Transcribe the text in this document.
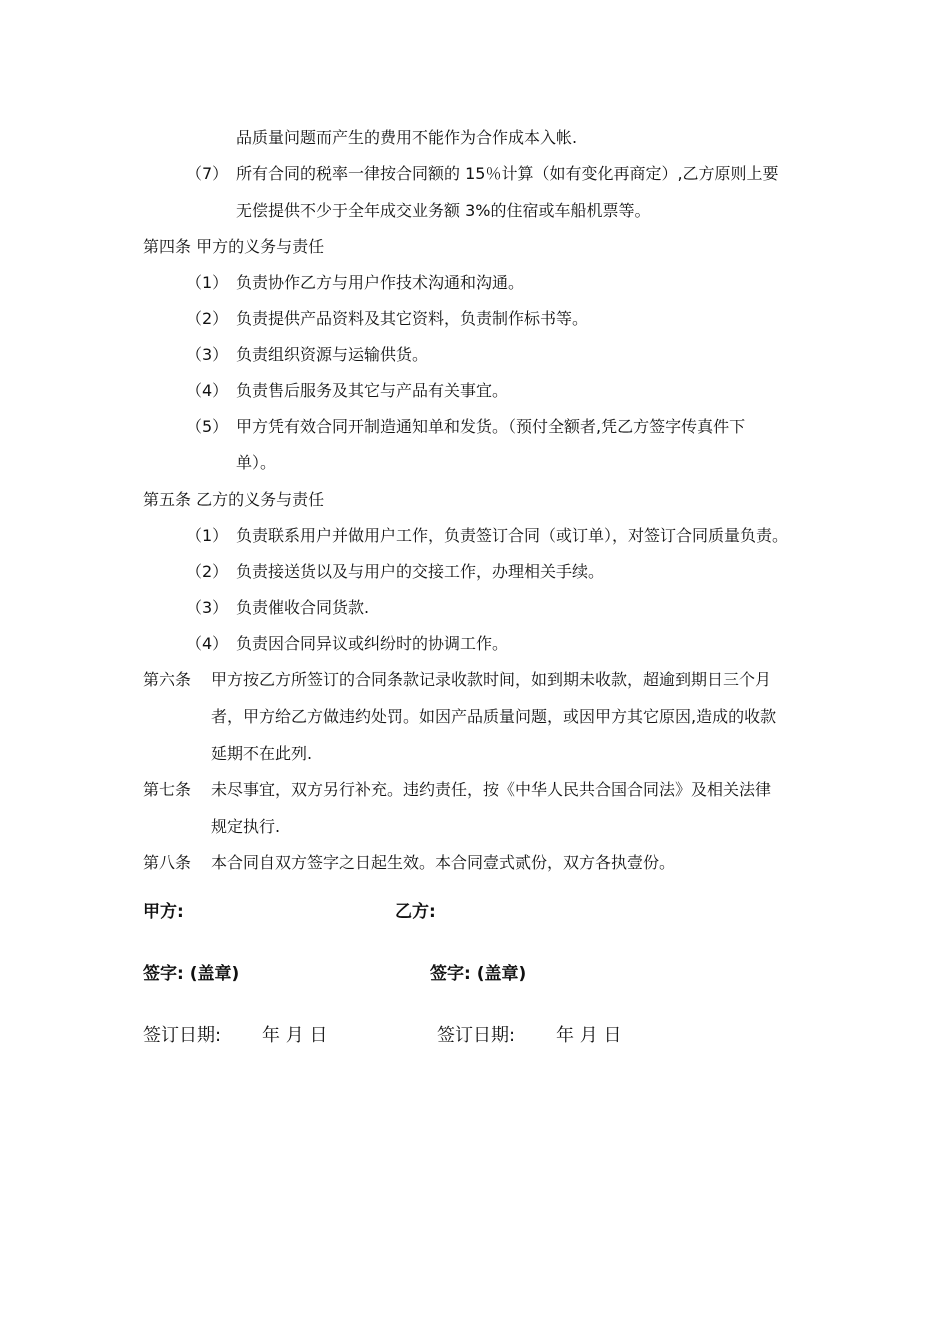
品质量问题而产生的费用不能作为合作成本入帐.
（7） 所有合同的税率一律按合同额的 15％计算（如有变化再商定）,乙方原则上要
无偿提供不少于全年成交业务额 3%的住宿或车船机票等。
第四条 甲方的义务与责任
（1） 负责协作乙方与用户作技术沟通和沟通。
（2） 负责提供产品资料及其它资料，负责制作标书等。
（3） 负责组织资源与运输供货。
（4） 负责售后服务及其它与产品有关事宜。
（5） 甲方凭有效合同开制造通知单和发货。（预付全额者,凭乙方签字传真件下
单）。
第五条 乙方的义务与责任
（1） 负责联系用户并做用户工作，负责签订合同（或订单），对签订合同质量负责。
（2） 负责接送货以及与用户的交接工作，办理相关手续。
（3） 负责催收合同货款.
（4） 负责因合同异议或纠纷时的协调工作。
第六条 甲方按乙方所签订的合同条款记录收款时间，如到期未收款，超逾到期日三个月
者，甲方给乙方做违约处罚。如因产品质量问题，或因甲方其它原因,造成的收款
延期不在此列.
第七条 未尽事宜，双方另行补充。违约责任，按《中华人民共合国合同法》及相关法律
规定执行.
第八条 本合同自双方签字之日起生效。本合同壹式贰份，双方各执壹份。
甲方:	乙方:
签字: (盖章)	签字: (盖章)
签订日期: 年 月 日	签订日期: 年 月 日
